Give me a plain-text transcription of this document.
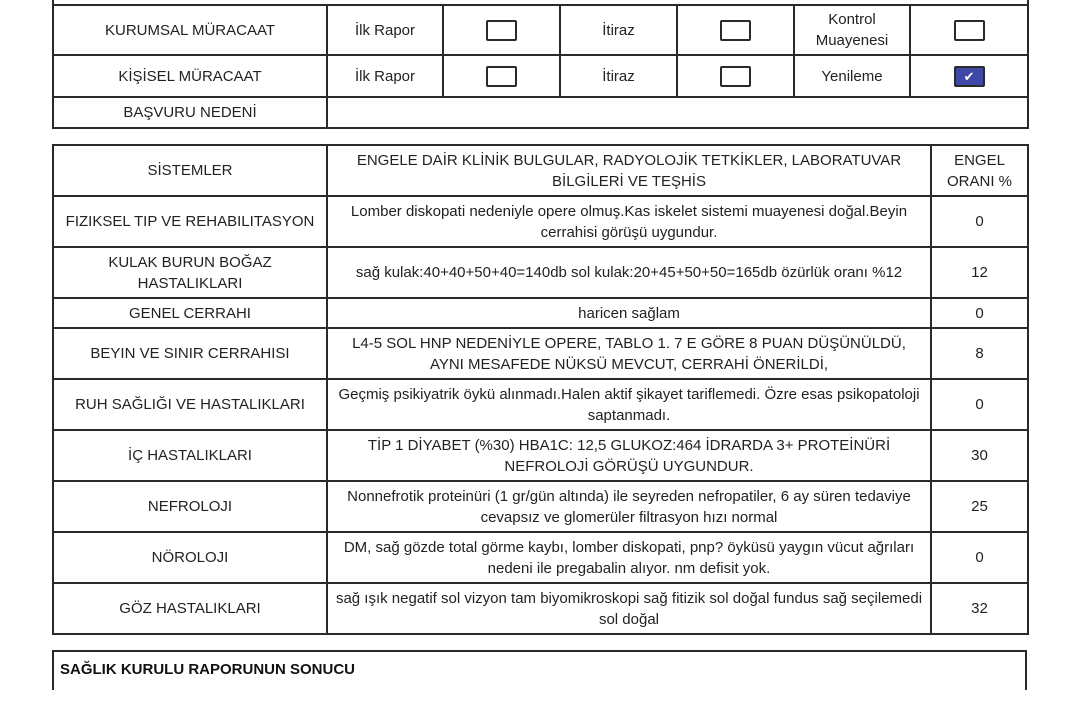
KURUMSAL MÜRACAAT	İlk Rapor		İtiraz		Kontrol Muayenesi	
KİŞİSEL MÜRACAAT	İlk Rapor		İtiraz		Yenileme	✔
BAŞVURU NEDENİ						
SİSTEMLER	ENGELE DAİR KLİNİK BULGULAR, RADYOLOJİK TETKİKLER, LABORATUVAR BİLGİLERİ VE TEŞHİS	ENGEL ORANI %
FIZIKSEL TIP VE REHABILITASYON	Lomber diskopati nedeniyle opere olmuş.Kas iskelet sistemi muayenesi doğal.Beyin cerrahisi görüşü uygundur.	0
KULAK BURUN BOĞAZ HASTALIKLARI	sağ kulak:40+40+50+40=140db sol kulak:20+45+50+50=165db özürlük oranı %12	12
GENEL CERRAHI	haricen sağlam	0
BEYIN VE SINIR CERRAHISI	L4-5 SOL HNP NEDENİYLE OPERE, TABLO 1. 7 E GÖRE 8 PUAN DÜŞÜNÜLDÜ, AYNI MESAFEDE NÜKSÜ MEVCUT, CERRAHİ ÖNERİLDİ,	8
RUH SAĞLIĞI VE HASTALIKLARI	Geçmiş psikiyatrik öykü alınmadı.Halen aktif şikayet tariflemedi. Özre esas psikopatoloji saptanmadı.	0
İÇ HASTALIKLARI	TİP 1 DİYABET (%30) HBA1C: 12,5 GLUKOZ:464 İDRARDA 3+ PROTEİNÜRİ NEFROLOJİ GÖRÜŞÜ UYGUNDUR.	30
NEFROLOJI	Nonnefrotik proteinüri (1 gr/gün altında) ile seyreden nefropatiler, 6 ay süren tedaviye cevapsız ve glomerüler filtrasyon hızı normal	25
NÖROLOJI	DM, sağ gözde total görme kaybı, lomber diskopati, pnp? öyküsü yaygın vücut ağrıları nedeni ile pregabalin alıyor. nm defisit yok.	0
GÖZ HASTALIKLARI	sağ ışık negatif sol vizyon tam biyomikroskopi sağ fitizik sol doğal fundus sağ seçilemedi sol doğal	32
SAĞLIK KURULU RAPORUNUN SONUCU
